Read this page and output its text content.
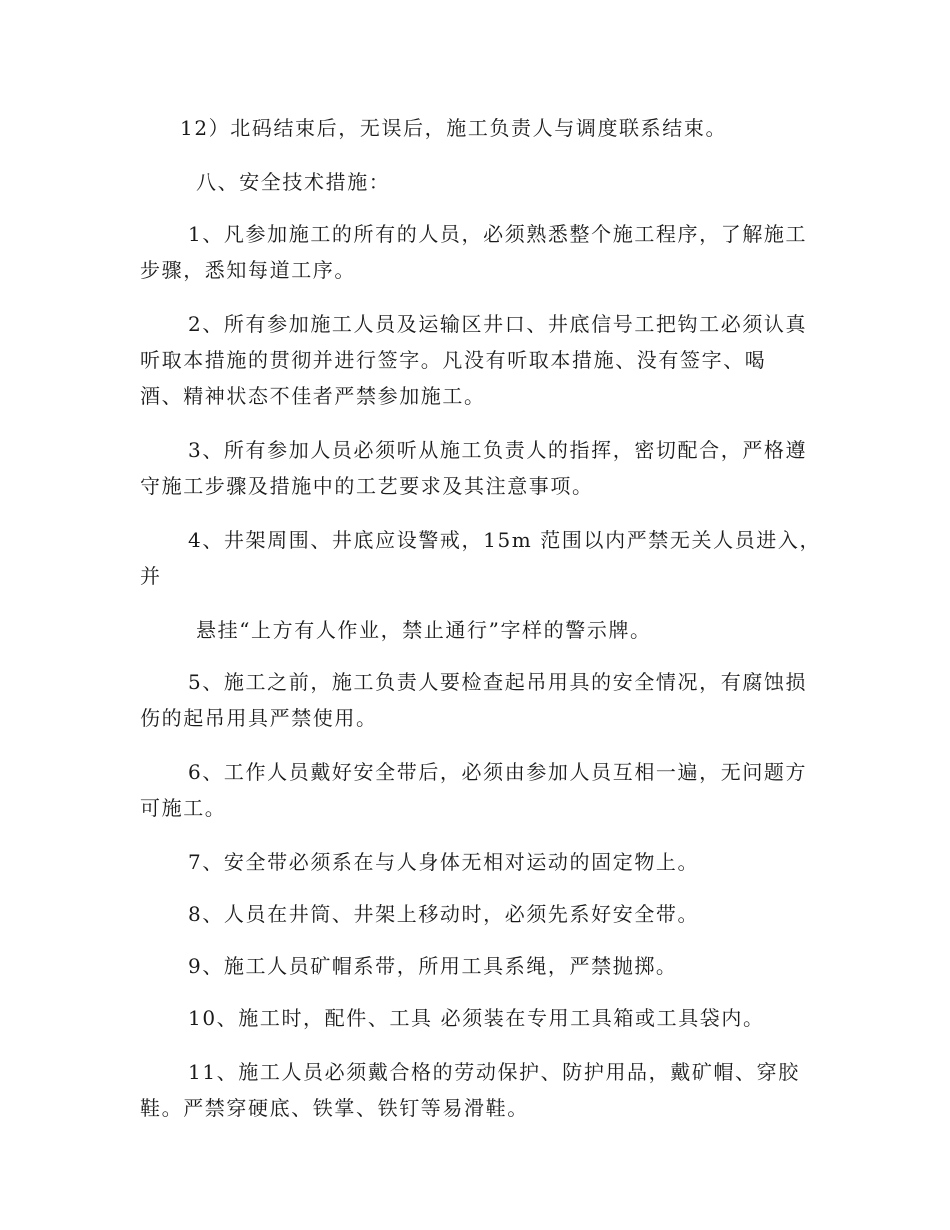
12）北码结束后，无误后，施工负责人与调度联系结束。
八、安全技术措施：
1、凡参加施工的所有的人员，必须熟悉整个施工程序，了解施工
步骤，悉知每道工序。
2、所有参加施工人员及运输区井口、井底信号工把钩工必须认真
听取本措施的贯彻并进行签字。凡没有听取本措施、没有签字、喝
酒、精神状态不佳者严禁参加施工。
3、所有参加人员必须听从施工负责人的指挥，密切配合，严格遵
守施工步骤及措施中的工艺要求及其注意事项。
4、井架周围、井底应设警戒，15m 范围以内严禁无关人员进入，
并
悬挂“上方有人作业，禁止通行”字样的警示牌。
5、施工之前，施工负责人要检查起吊用具的安全情况，有腐蚀损
伤的起吊用具严禁使用。
6、工作人员戴好安全带后，必须由参加人员互相一遍，无问题方
可施工。
7、安全带必须系在与人身体无相对运动的固定物上。
8、人员在井筒、井架上移动时，必须先系好安全带。
9、施工人员矿帽系带，所用工具系绳，严禁抛掷。
10、施工时，配件、工具 必须装在专用工具箱或工具袋内。
11、施工人员必须戴合格的劳动保护、防护用品，戴矿帽、穿胶
鞋。严禁穿硬底、铁掌、铁钉等易滑鞋。
